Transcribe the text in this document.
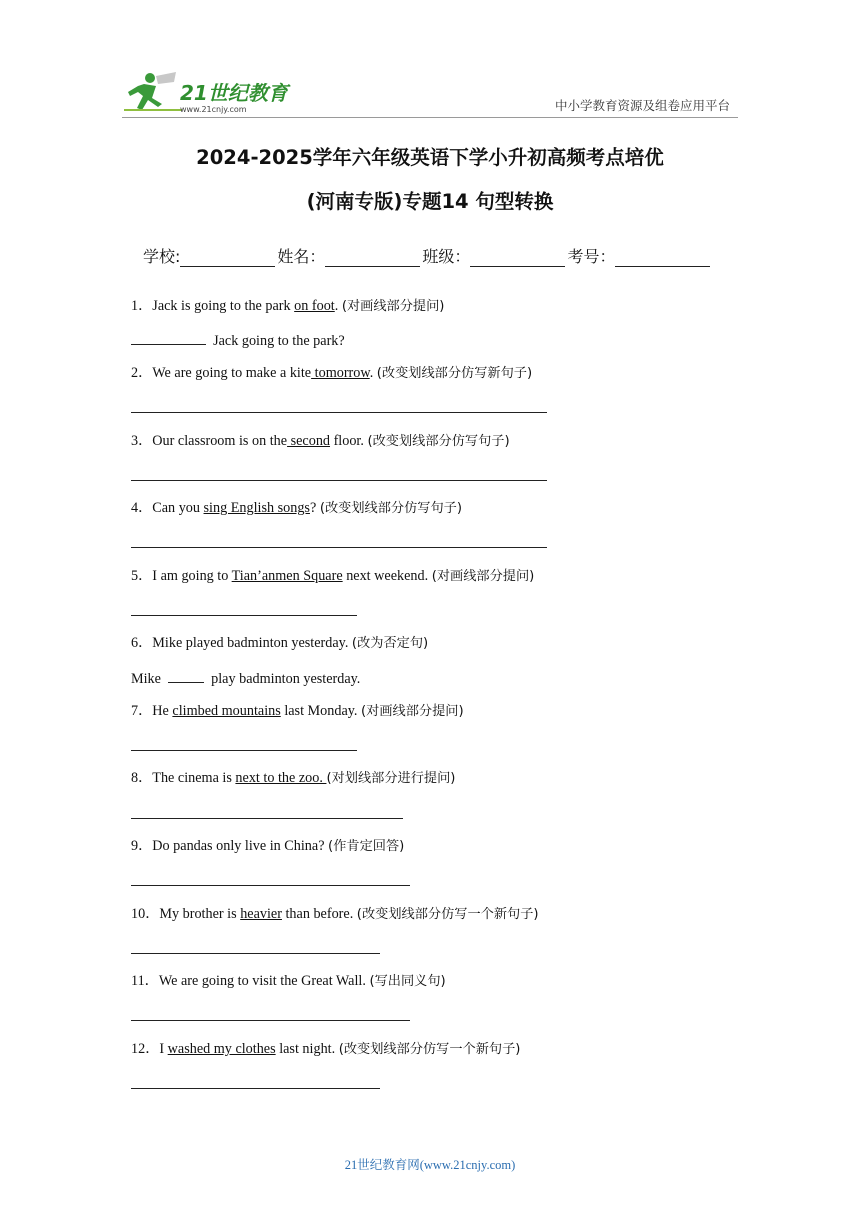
21世纪教育
www.21cnjy.com	中小学教育资源及组卷应用平台
2024-2025学年六年级英语下学小升初高频考点培优
(河南专版)专题14 句型转换
学校:	姓名：	班级：	考号：
1．Jack is going to the park on foot. (对画线部分提问)
Jack going to the park?
2．We are going to make a kite tomorrow. (改变划线部分仿写新句子)
3．Our classroom is on the second floor. (改变划线部分仿写句子)
4．Can you sing English songs? (改变划线部分仿写句子)
5．I am going to Tian’anmen Square next weekend. (对画线部分提问)
6．Mike played badminton yesterday. (改为否定句)
Mike	play badminton yesterday.
7．He climbed mountains last Monday. (对画线部分提问)
8．The cinema is next to the zoo. (对划线部分进行提问)
9．Do pandas only live in China? (作肯定回答)
10．My brother is heavier than before. (改变划线部分仿写一个新句子)
11．We are going to visit the Great Wall. (写出同义句)
12．I washed my clothes last night. (改变划线部分仿写一个新句子)
21世纪教育网(www.21cnjy.com)
